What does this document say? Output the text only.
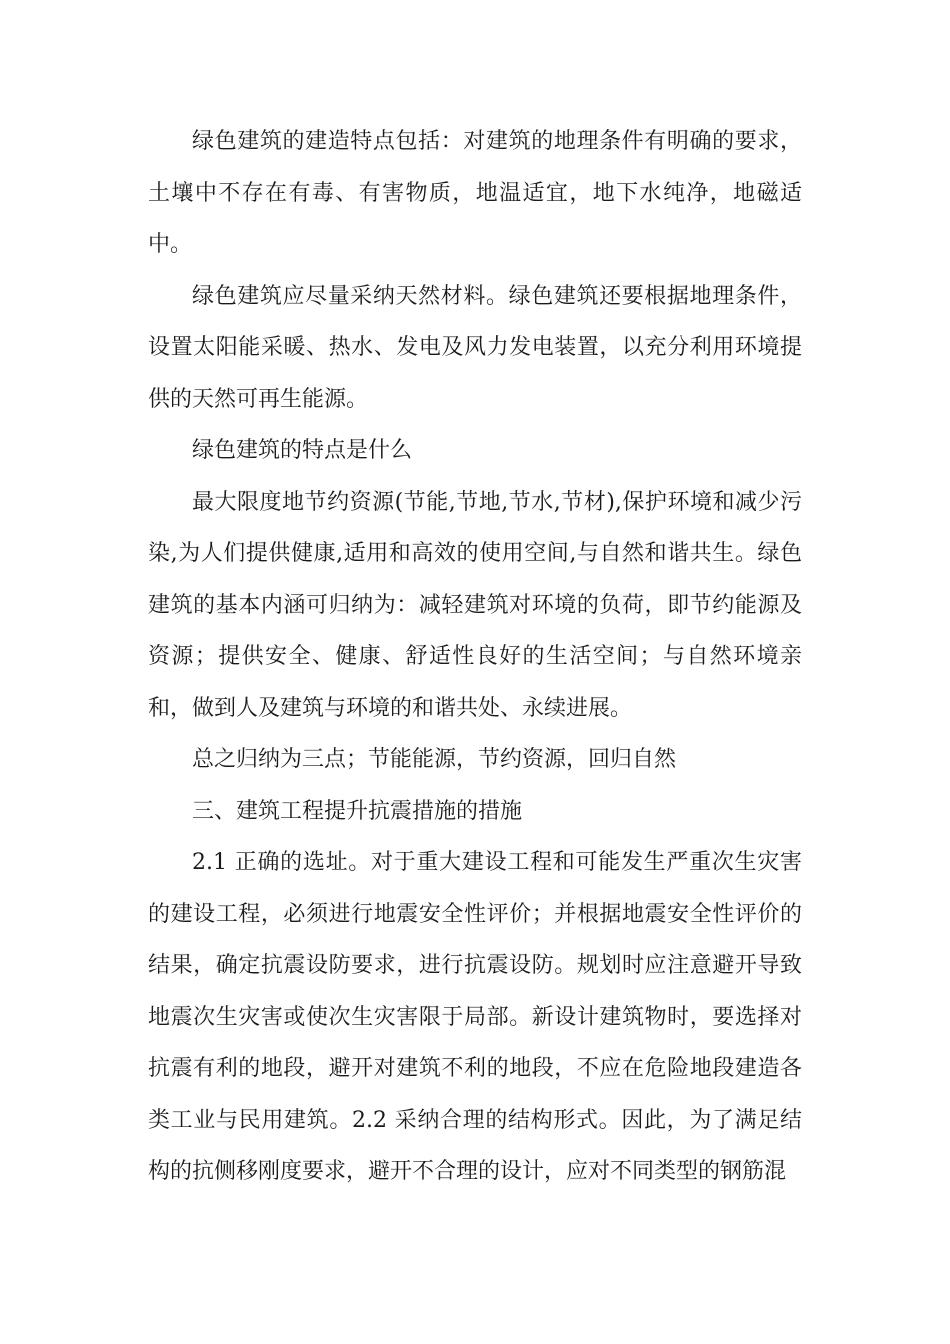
绿色建筑的建造特点包括：对建筑的地理条件有明确的要求，土壤中不存在有毒、有害物质，地温适宜，地下水纯净，地磁适中。

绿色建筑应尽量采纳天然材料。绿色建筑还要根据地理条件，设置太阳能采暖、热水、发电及风力发电装置，以充分利用环境提供的天然可再生能源。

绿色建筑的特点是什么

最大限度地节约资源(节能,节地,节水,节材),保护环境和减少污染,为人们提供健康,适用和高效的使用空间,与自然和谐共生。绿色建筑的基本内涵可归纳为：减轻建筑对环境的负荷，即节约能源及资源；提供安全、健康、舒适性良好的生活空间；与自然环境亲和，做到人及建筑与环境的和谐共处、永续进展。

总之归纳为三点；节能能源，节约资源，回归自然

三、建筑工程提升抗震措施的措施

2.1 正确的选址。对于重大建设工程和可能发生严重次生灾害的建设工程，必须进行地震安全性评价；并根据地震安全性评价的结果，确定抗震设防要求，进行抗震设防。规划时应注意避开导致地震次生灾害或使次生灾害限于局部。新设计建筑物时，要选择对抗震有利的地段，避开对建筑不利的地段，不应在危险地段建造各类工业与民用建筑。2.2 采纳合理的结构形式。因此，为了满足结构的抗侧移刚度要求，避开不合理的设计，应对不同类型的钢筋混
